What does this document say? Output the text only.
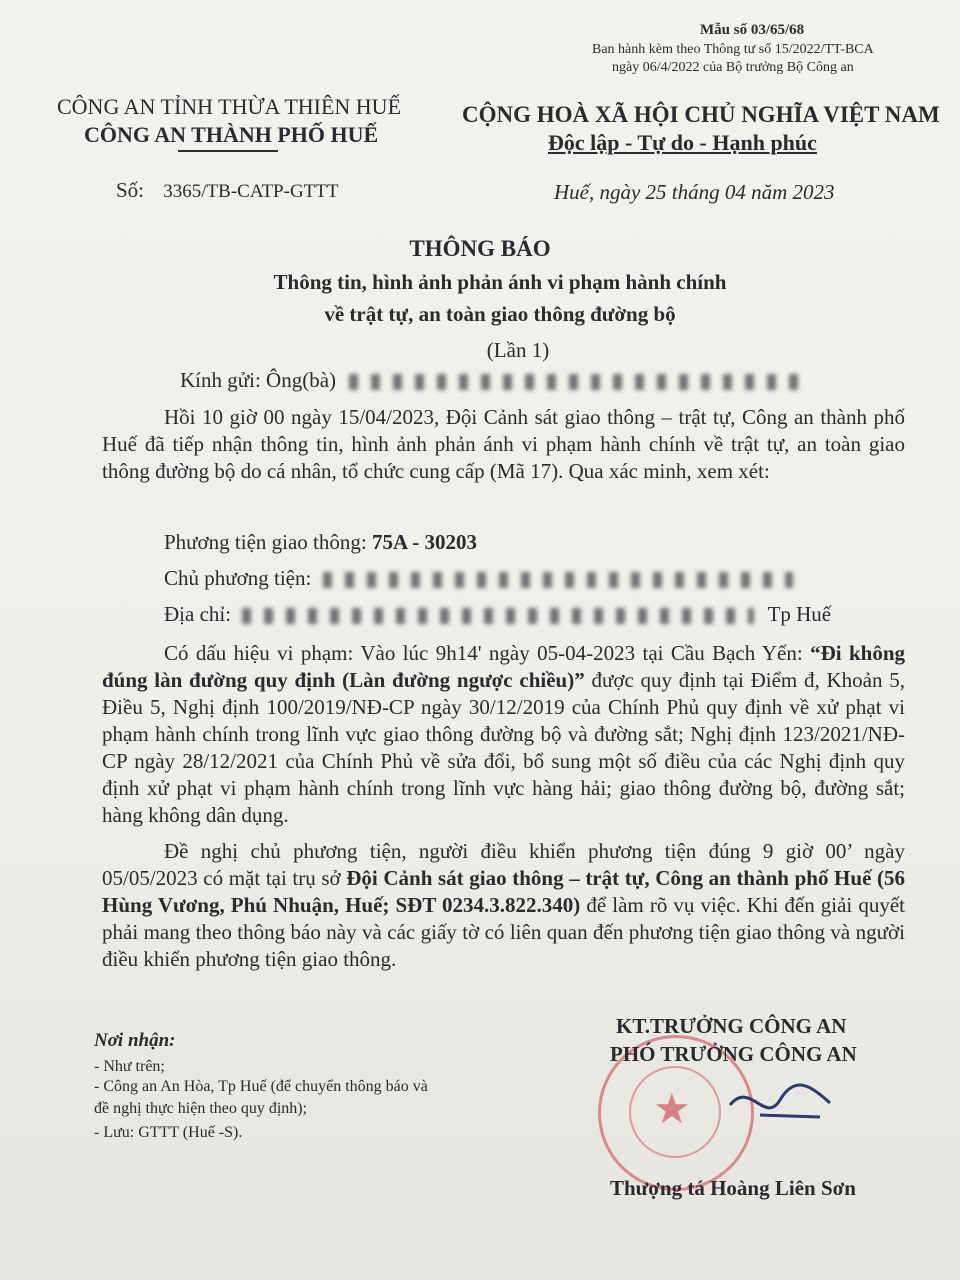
Mẫu số 03/65/68
Ban hành kèm theo Thông tư số 15/2022/TT-BCA
ngày 06/4/2022 của Bộ trưởng Bộ Công an
CÔNG AN TỈNH THỪA THIÊN HUẾ
CÔNG AN THÀNH PHỐ HUẾ
CỘNG HOÀ XÃ HỘI CHỦ NGHĨA VIỆT NAM
Độc lập - Tự do - Hạnh phúc
Số: 3365/TB-CATP-GTTT	Huế, ngày 25 tháng 04 năm 2023
THÔNG BÁO
Thông tin, hình ảnh phản ánh vi phạm hành chính
về trật tự, an toàn giao thông đường bộ
(Lần 1)
Kính gửi: Ông(bà)
Hồi 10 giờ 00 ngày 15/04/2023, Đội Cảnh sát giao thông – trật tự, Công an thành phố Huế đã tiếp nhận thông tin, hình ảnh phản ánh vi phạm hành chính về trật tự, an toàn giao thông đường bộ do cá nhân, tổ chức cung cấp (Mã 17). Qua xác minh, xem xét:
Phương tiện giao thông: 75A - 30203
Chủ phương tiện:
Địa chỉ:	Tp Huế
Có dấu hiệu vi phạm: Vào lúc 9h14' ngày 05-04-2023 tại Cầu Bạch Yến: “Đi không đúng làn đường quy định (Làn đường ngược chiều)” được quy định tại Điểm đ, Khoản 5, Điều 5, Nghị định 100/2019/NĐ-CP ngày 30/12/2019 của Chính Phủ quy định về xử phạt vi phạm hành chính trong lĩnh vực giao thông đường bộ và đường sắt; Nghị định 123/2021/NĐ-CP ngày 28/12/2021 của Chính Phủ về sửa đổi, bổ sung một số điều của các Nghị định quy định xử phạt vi phạm hành chính trong lĩnh vực hàng hải; giao thông đường bộ, đường sắt; hàng không dân dụng.
Đề nghị chủ phương tiện, người điều khiển phương tiện đúng 9 giờ 00’ ngày 05/05/2023 có mặt tại trụ sở Đội Cảnh sát giao thông – trật tự, Công an thành phố Huế (56 Hùng Vương, Phú Nhuận, Huế; SĐT 0234.3.822.340) để làm rõ vụ việc. Khi đến giải quyết phải mang theo thông báo này và các giấy tờ có liên quan đến phương tiện giao thông và người điều khiển phương tiện giao thông.
Nơi nhận:
- Như trên;
- Công an An Hòa, Tp Huế (để chuyển thông báo và
đề nghị thực hiện theo quy định);
- Lưu: GTTT (Huế -S).	★
KT.TRƯỞNG CÔNG AN
PHÓ TRƯỞNG CÔNG AN
Thượng tá Hoàng Liên Sơn
